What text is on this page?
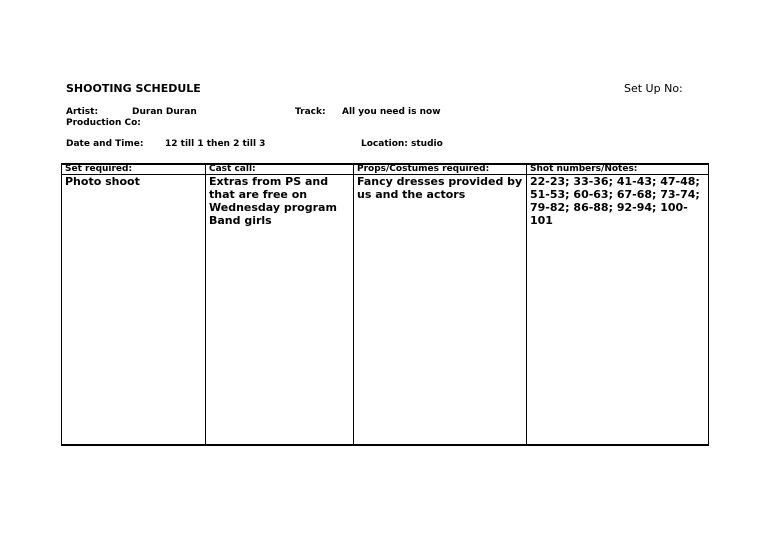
SHOOTING SCHEDULE	Set Up No:
Artist:	Duran Duran	Track: All you need is now
Production Co:
Date and Time: 12 till 1 then 2 till 3	Location: studio
Set required:	Cast call:	Props/Costumes required:	Shot numbers/Notes:
Photo shoot	Extras from PS and that are free on Wednesday program Band girls	Fancy dresses provided by us and the actors	22-23; 33-36; 41-43; 47-48; 51-53; 60-63; 67-68; 73-74; 79-82; 86-88; 92-94; 100-101
